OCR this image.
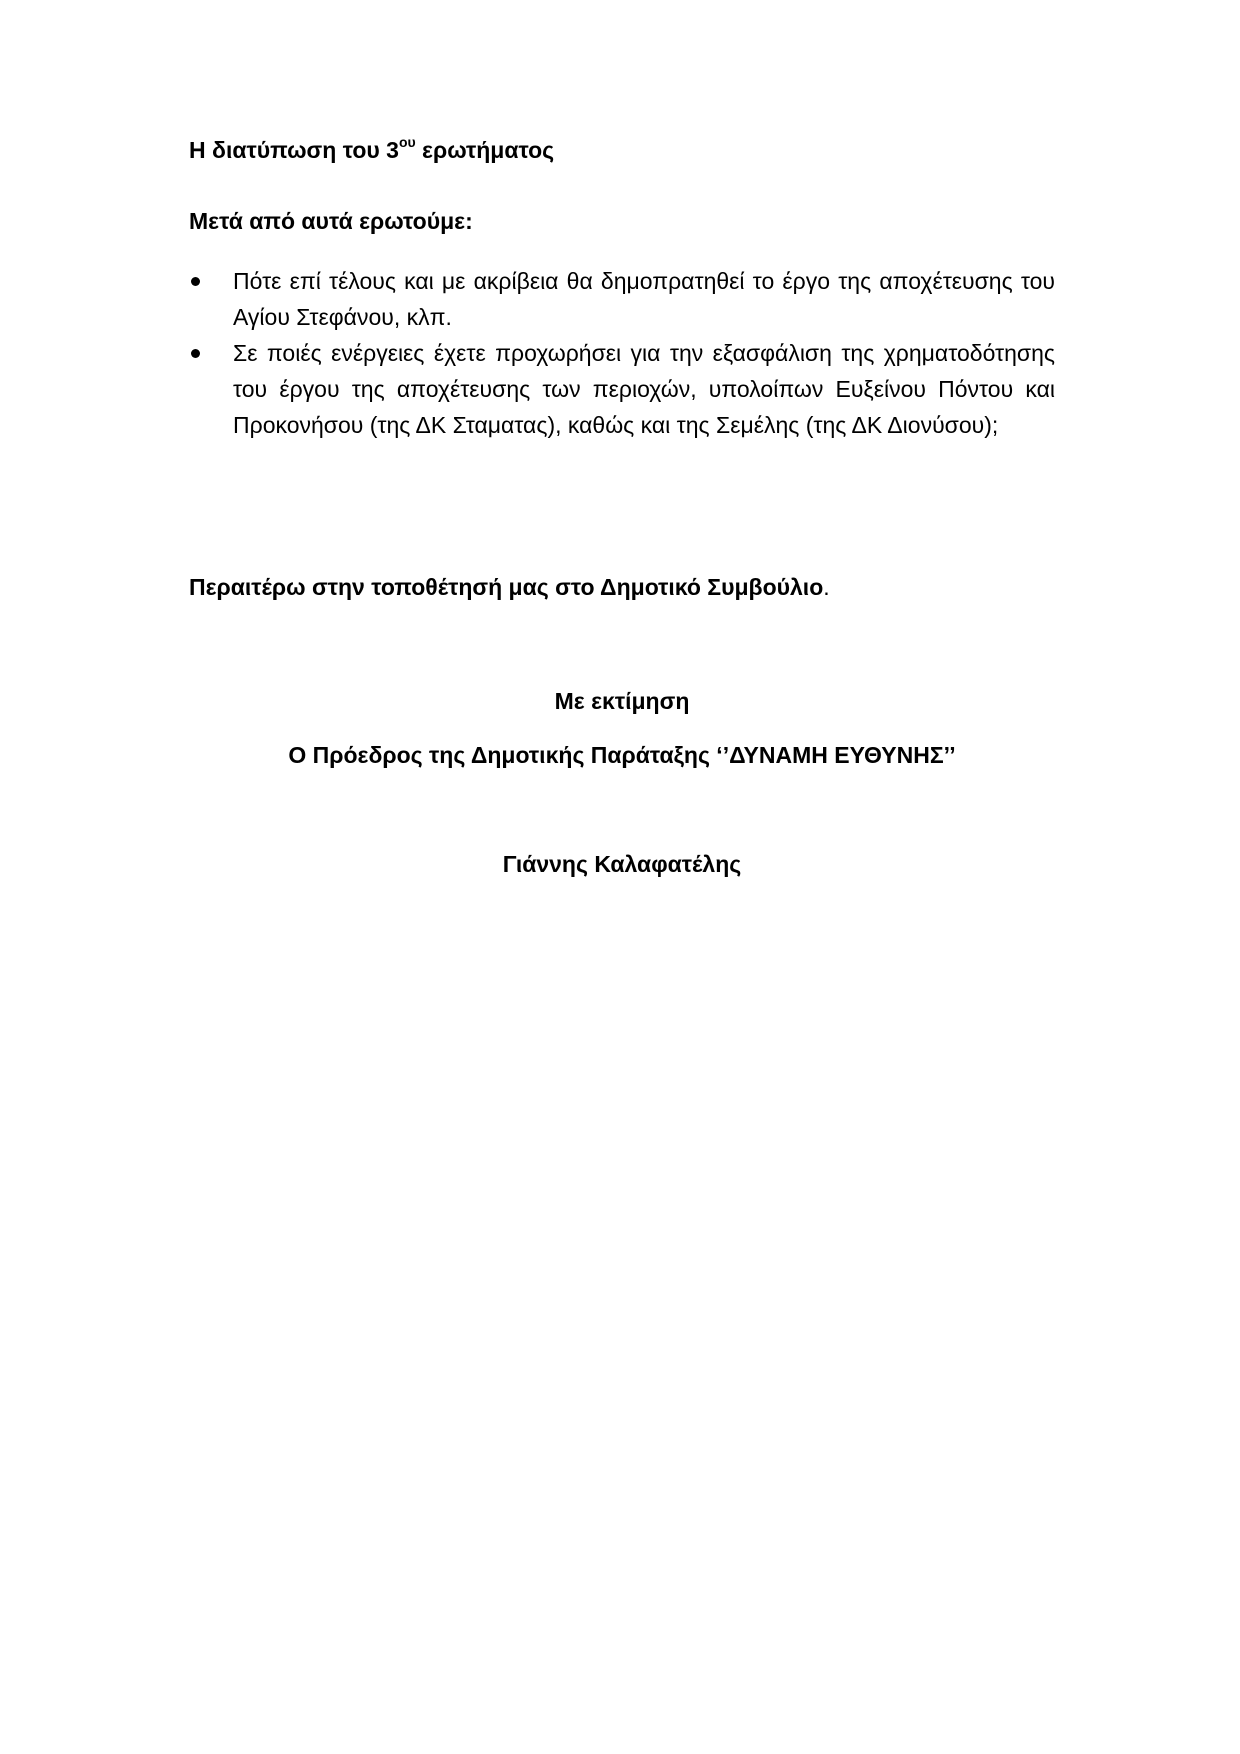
Η διατύπωση του $3^{o\upsilon}$ ερωτήματος
Μετά από αυτά ερωτούμε:
Πότε επί τέλους και με ακρίβεια θα δημοπρατηθεί το έργο της αποχέτευσης του Αγίου Στεφάνου, κλπ.
Σε ποιές ενέργειες έχετε προχωρήσει για την εξασφάλιση της χρηματοδότησης του έργου της αποχέτευσης των περιοχών, υπολοίπων Ευξείνου Πόντου και Προκονήσου (της ΔΚ Σταματας), καθώς και της Σεμέλης (της ΔΚ Διονύσου);
Περαιτέρω στην τοποθέτησή μας στο Δημοτικό Συμβούλιο.
Με εκτίμηση
Ο Πρόεδρος της Δημοτικής Παράταξης ‘’ΔΥΝΑΜΗ ΕΥΘΥΝΗΣ’’
Γιάννης Καλαφατέλης
